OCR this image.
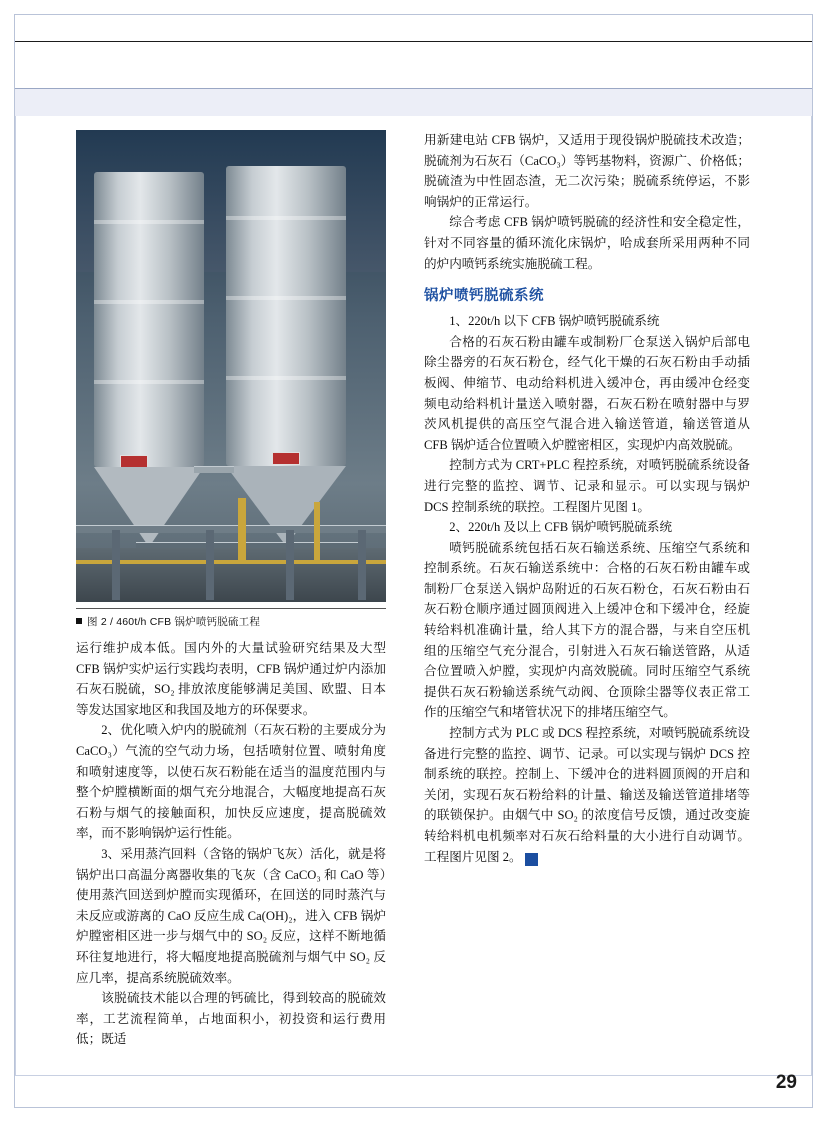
图 2 / 460t/h CFB 锅炉喷钙脱硫工程

运行维护成本低。国内外的大量试验研究结果及大型 CFB 锅炉实炉运行实践均表明，CFB 锅炉通过炉内添加石灰石脱硫，SO₂ 排放浓度能够满足美国、欧盟、日本等发达国家地区和我国及地方的环保要求。

2、优化喷入炉内的脱硫剂（石灰石粉的主要成分为 CaCO₃）气流的空气动力场，包括喷射位置、喷射角度和喷射速度等，以使石灰石粉能在适当的温度范围内与整个炉膛横断面的烟气充分地混合，大幅度地提高石灰石粉与烟气的接触面积，加快反应速度，提高脱硫效率，而不影响锅炉运行性能。

3、采用蒸汽回料（含铬的锅炉飞灰）活化，就是将锅炉出口高温分离器收集的飞灰（含 CaCO₃ 和 CaO 等）使用蒸汽回送到炉膛而实现循环，在回送的同时蒸汽与未反应或游离的 CaO 反应生成 Ca(OH)₂，进入 CFB 锅炉炉膛密相区进一步与烟气中的 SO₂ 反应，这样不断地循环往复地进行，将大幅度地提高脱硫剂与烟气中 SO₂ 反应几率，提高系统脱硫效率。

该脱硫技术能以合理的钙硫比，得到较高的脱硫效率，工艺流程简单，占地面积小，初投资和运行费用低；既适

用新建电站 CFB 锅炉，又适用于现役锅炉脱硫技术改造；脱硫剂为石灰石（CaCO₃）等钙基物料，资源广、价格低；脱硫渣为中性固态渣，无二次污染；脱硫系统停运，不影响锅炉的正常运行。

综合考虑 CFB 锅炉喷钙脱硫的经济性和安全稳定性，针对不同容量的循环流化床锅炉，哈成套所采用两种不同的炉内喷钙系统实施脱硫工程。

锅炉喷钙脱硫系统

1、220t/h 以下 CFB 锅炉喷钙脱硫系统

合格的石灰石粉由罐车或制粉厂仓泵送入锅炉后部电除尘器旁的石灰石粉仓，经气化干燥的石灰石粉由手动插板阀、伸缩节、电动给料机进入缓冲仓，再由缓冲仓经变频电动给料机计量送入喷射器，石灰石粉在喷射器中与罗茨风机提供的高压空气混合进入输送管道，输送管道从 CFB 锅炉适合位置喷入炉膛密相区，实现炉内高效脱硫。

控制方式为 CRT+PLC 程控系统，对喷钙脱硫系统设备进行完整的监控、调节、记录和显示。可以实现与锅炉 DCS 控制系统的联控。工程图片见图 1。

2、220t/h 及以上 CFB 锅炉喷钙脱硫系统

喷钙脱硫系统包括石灰石输送系统、压缩空气系统和控制系统。石灰石输送系统中：合格的石灰石粉由罐车或制粉厂仓泵送入锅炉岛附近的石灰石粉仓，石灰石粉由石灰石粉仓顺序通过圆顶阀进入上缓冲仓和下缓冲仓，经旋转给料机准确计量，给人其下方的混合器，与来自空压机组的压缩空气充分混合，引射进入石灰石输送管路，从适合位置喷入炉膛，实现炉内高效脱硫。同时压缩空气系统提供石灰石粉输送系统气动阀、仓顶除尘器等仪表正常工作的压缩空气和堵管状况下的排堵压缩空气。

控制方式为 PLC 或 DCS 程控系统，对喷钙脱硫系统设备进行完整的监控、调节、记录。可以实现与锅炉 DCS 控制系统的联控。控制上、下缓冲仓的进料圆顶阀的开启和关闭，实现石灰石粉给料的计量、输送及输送管道排堵等的联锁保护。由烟气中 SO₂ 的浓度信号反馈，通过改变旋转给料机电机频率对石灰石给料量的大小进行自动调节。工程图片见图 2。	C

29
